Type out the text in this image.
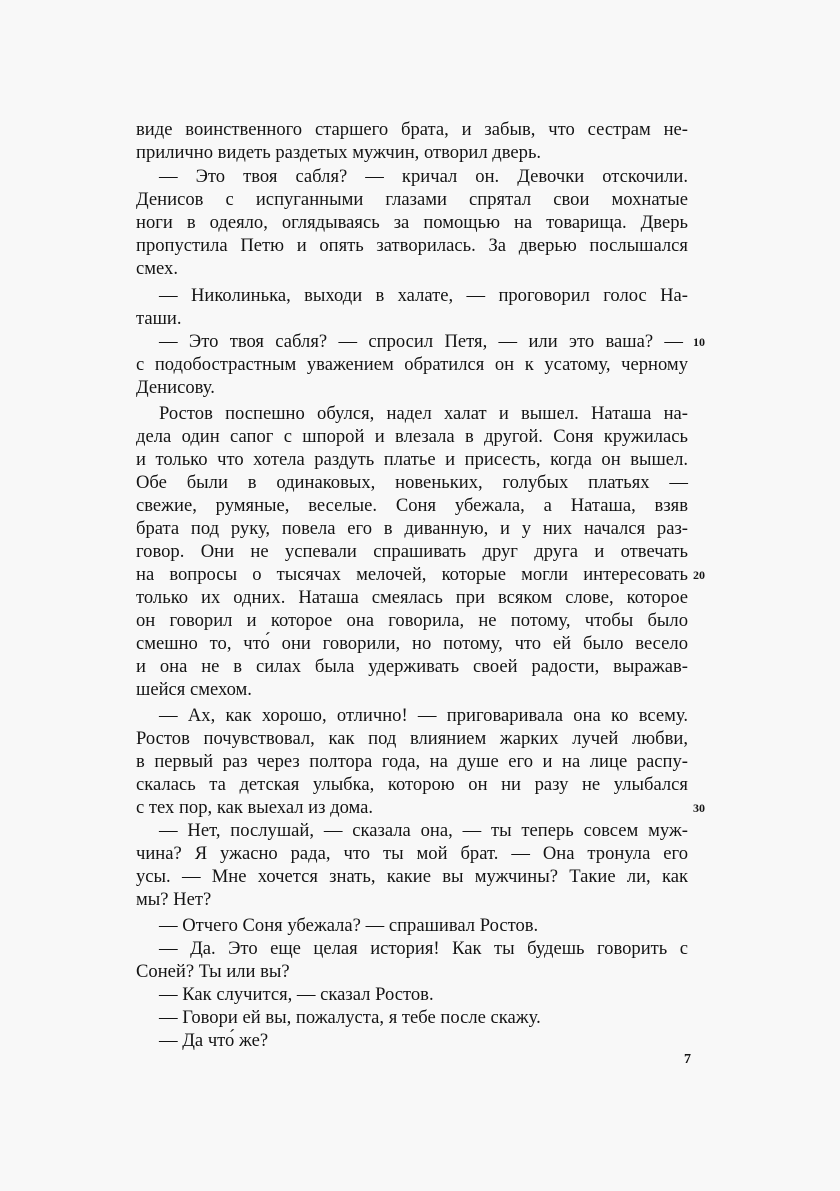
виде воинственного старшего брата, и забыв, что сестрам не-
прилично видеть раздетых мужчин, отворил дверь.
— Это твоя сабля? — кричал он. Девочки отскочили.
Денисов с испуганными глазами спрятал свои мохнатые
ноги в одеяло, оглядываясь за помощью на товарища. Дверь
пропустила Петю и опять затворилась. За дверью послышался
смех.
— Николинька, выходи в халате, — проговорил голос На-
таши.
— Это твоя сабля? — спросил Петя, — или это ваша? — 10
с подобострастным уважением обратился он к усатому, черному
Денисову.
Ростов поспешно обулся, надел халат и вышел. Наташа на-
дела один сапог с шпорой и влезала в другой. Соня кружилась
и только что хотела раздуть платье и присесть, когда он вышел.
Обе были в одинаковых, новеньких, голубых платьях —
свежие, румяные, веселые. Соня убежала, а Наташа, взяв
брата под руку, повела его в диванную, и у них начался раз-
говор. Они не успевали спрашивать друг друга и отвечать
на вопросы о тысячах мелочей, которые могли интересовать 20
только их одних. Наташа смеялась при всяком слове, которое
он говорил и которое она говорила, не потому, чтобы было
смешно то, что́ они говорили, но потому, что ей было весело
и она не в силах была удерживать своей радости, выражав-
шейся смехом.
— Ах, как хорошо, отлично! — приговаривала она ко всему.
Ростов почувствовал, как под влиянием жарких лучей любви,
в первый раз через полтора года, на душе его и на лице распу-
скалась та детская улыбка, которою он ни разу не улыбался
с тех пор, как выехал из дома.	30
— Нет, послушай, — сказала она, — ты теперь совсем муж-
чина? Я ужасно рада, что ты мой брат. — Она тронула его
усы. — Мне хочется знать, какие вы мужчины? Такие ли, как
мы? Нет?
— Отчего Соня убежала? — спрашивал Ростов.
— Да. Это еще целая история! Как ты будешь говорить с
Соней? Ты или вы?
— Как случится, — сказал Ростов.
— Говори ей вы, пожалуста, я тебе после скажу.
— Да что́ же?
7
